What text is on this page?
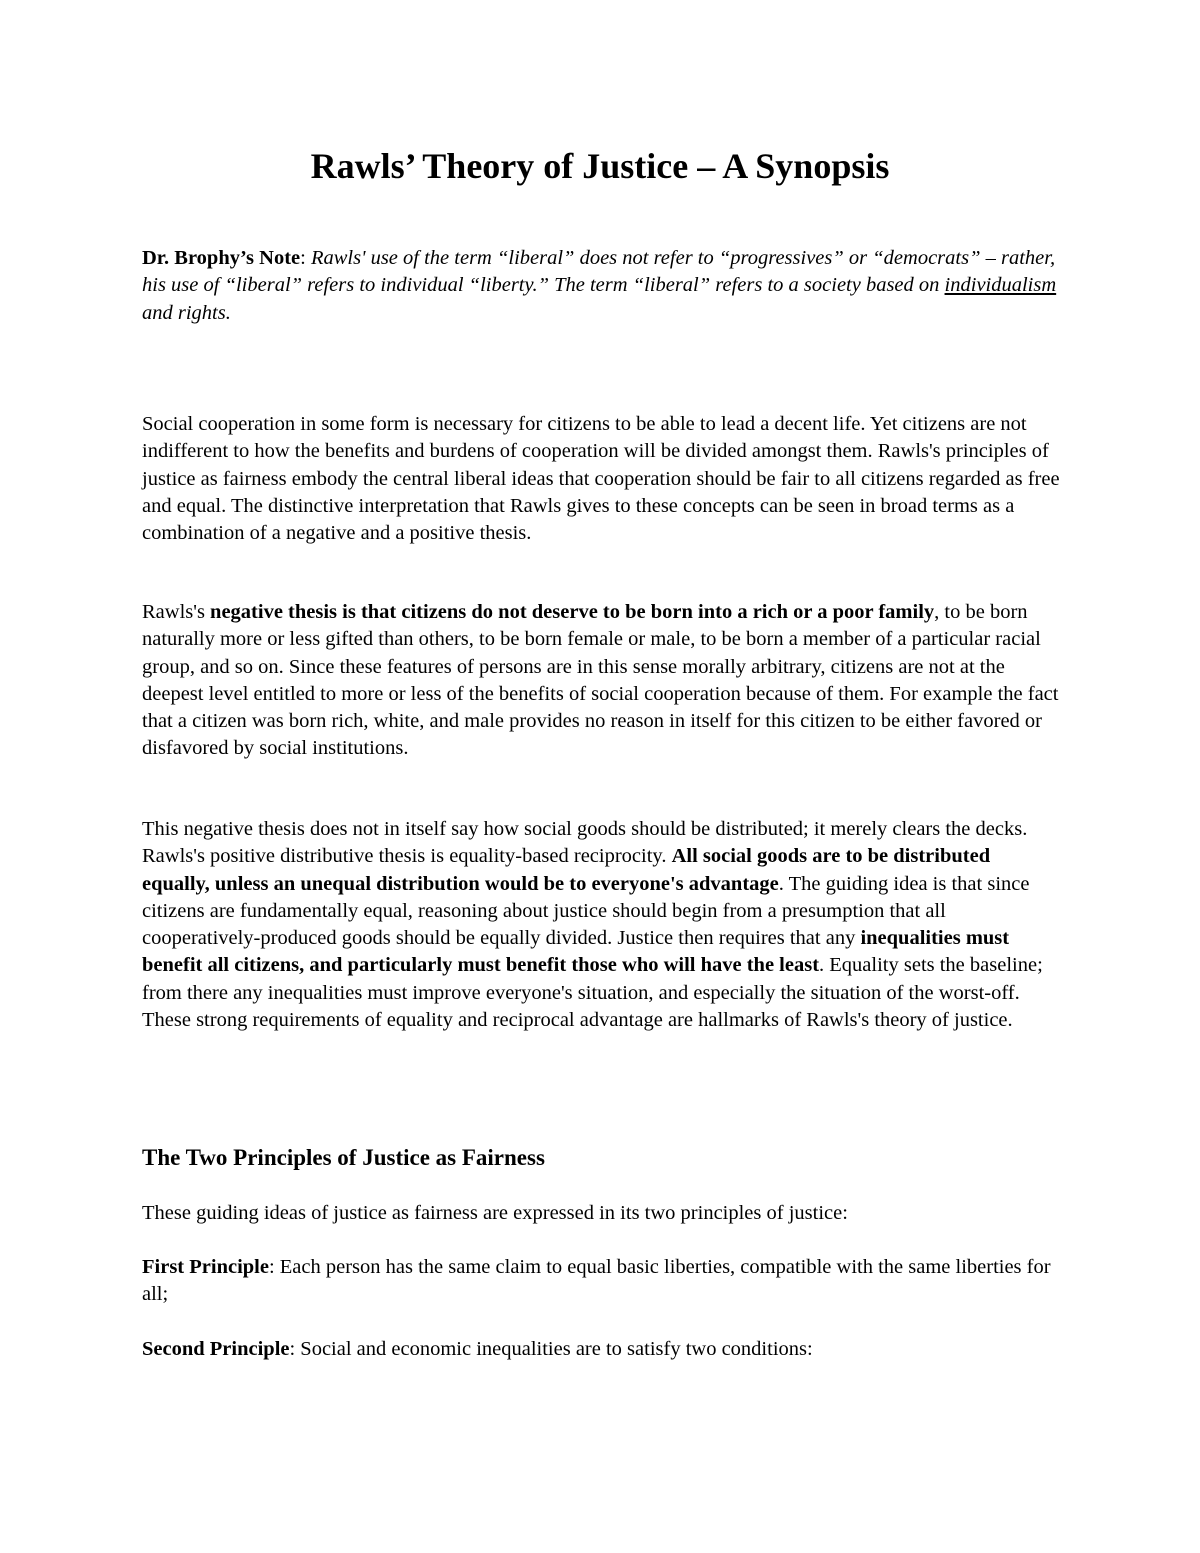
Rawls’ Theory of Justice – A Synopsis

Dr. Brophy’s Note: Rawls' use of the term “liberal” does not refer to “progressives” or “democrats” – rather, his use of “liberal” refers to individual “liberty.” The term “liberal” refers to a society based on individualism and rights.

Social cooperation in some form is necessary for citizens to be able to lead a decent life. Yet citizens are not indifferent to how the benefits and burdens of cooperation will be divided amongst them. Rawls's principles of justice as fairness embody the central liberal ideas that cooperation should be fair to all citizens regarded as free and equal. The distinctive interpretation that Rawls gives to these concepts can be seen in broad terms as a combination of a negative and a positive thesis.

Rawls's negative thesis is that citizens do not deserve to be born into a rich or a poor family, to be born naturally more or less gifted than others, to be born female or male, to be born a member of a particular racial group, and so on. Since these features of persons are in this sense morally arbitrary, citizens are not at the deepest level entitled to more or less of the benefits of social cooperation because of them. For example the fact that a citizen was born rich, white, and male provides no reason in itself for this citizen to be either favored or disfavored by social institutions.

This negative thesis does not in itself say how social goods should be distributed; it merely clears the decks. Rawls's positive distributive thesis is equality-based reciprocity. All social goods are to be distributed equally, unless an unequal distribution would be to everyone's advantage. The guiding idea is that since citizens are fundamentally equal, reasoning about justice should begin from a presumption that all cooperatively-produced goods should be equally divided. Justice then requires that any inequalities must benefit all citizens, and particularly must benefit those who will have the least. Equality sets the baseline; from there any inequalities must improve everyone's situation, and especially the situation of the worst-off. These strong requirements of equality and reciprocal advantage are hallmarks of Rawls's theory of justice.

The Two Principles of Justice as Fairness

These guiding ideas of justice as fairness are expressed in its two principles of justice:

First Principle: Each person has the same claim to equal basic liberties, compatible with the same liberties for all;

Second Principle: Social and economic inequalities are to satisfy two conditions:
